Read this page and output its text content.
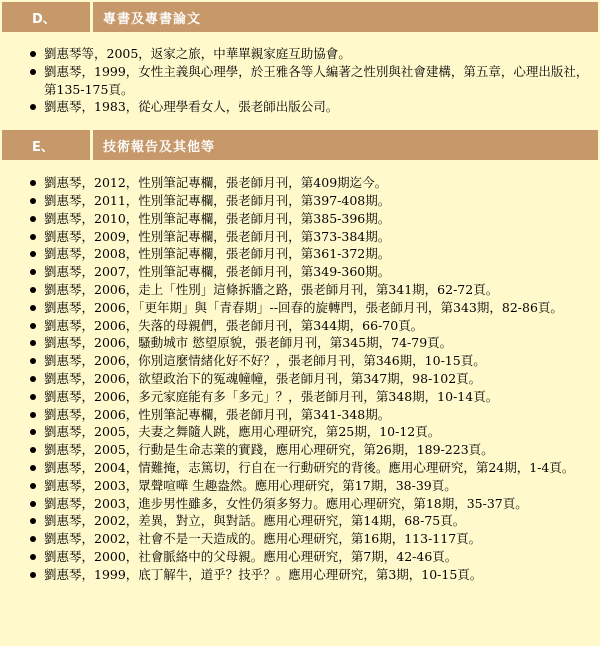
D、	專書及專書論文
劉惠琴等，2005，返家之旅，中華單親家庭互助協會。
劉惠琴，1999，女性主義與心理學，於王雅各等人編著之性別與社會建構，第五章，心理出版社，第135-175頁。
劉惠琴，1983，從心理學看女人，張老師出版公司。
E、	技術報告及其他等
劉惠琴，2012，性別筆記專欄，張老師月刊，第409期迄今。
劉惠琴，2011，性別筆記專欄，張老師月刊，第397-408期。
劉惠琴，2010，性別筆記專欄，張老師月刊，第385-396期。
劉惠琴，2009，性別筆記專欄，張老師月刊，第373-384期。
劉惠琴，2008，性別筆記專欄，張老師月刊，第361-372期。
劉惠琴，2007，性別筆記專欄，張老師月刊，第349-360期。
劉惠琴，2006，走上「性別」這條拆牆之路，張老師月刊，第341期，62-72頁。
劉惠琴，2006，「更年期」與「青春期」--回春的旋轉門，張老師月刊，第343期，82-86頁。
劉惠琴，2006，失落的母親們，張老師月刊，第344期，66-70頁。
劉惠琴，2006，騷動城市 慾望原貌，張老師月刊，第345期，74-79頁。
劉惠琴，2006，你別這麼情緒化好不好？，張老師月刊，第346期，10-15頁。
劉惠琴，2006，欲望政治下的冤魂幢幢，張老師月刊，第347期，98-102頁。
劉惠琴，2006，多元家庭能有多「多元」？，張老師月刊，第348期，10-14頁。
劉惠琴，2006，性別筆記專欄，張老師月刊，第341-348期。
劉惠琴，2005，夫妻之舞隨人跳，應用心理研究，第25期，10-12頁。
劉惠琴，2005，行動是生命志業的實踐，應用心理研究，第26期，189-223頁。
劉惠琴，2004，情難掩，志篤切，行自在一行動研究的背後。應用心理研究，第24期，1-4頁。
劉惠琴，2003，眾聲喧嘩 生趣盎然。應用心理研究，第17期，38-39頁。
劉惠琴，2003，進步男性雖多，女性仍須多努力。應用心理研究，第18期，35-37頁。
劉惠琴，2002，差異，對立，與對話。應用心理研究，第14期，68-75頁。
劉惠琴，2002，社會不是一天造成的。應用心理研究，第16期，113-117頁。
劉惠琴，2000，社會脈絡中的父母親。應用心理研究，第7期，42-46頁。
劉惠琴，1999，底丁解牛，道乎？技乎？。應用心理研究，第3期，10-15頁。
